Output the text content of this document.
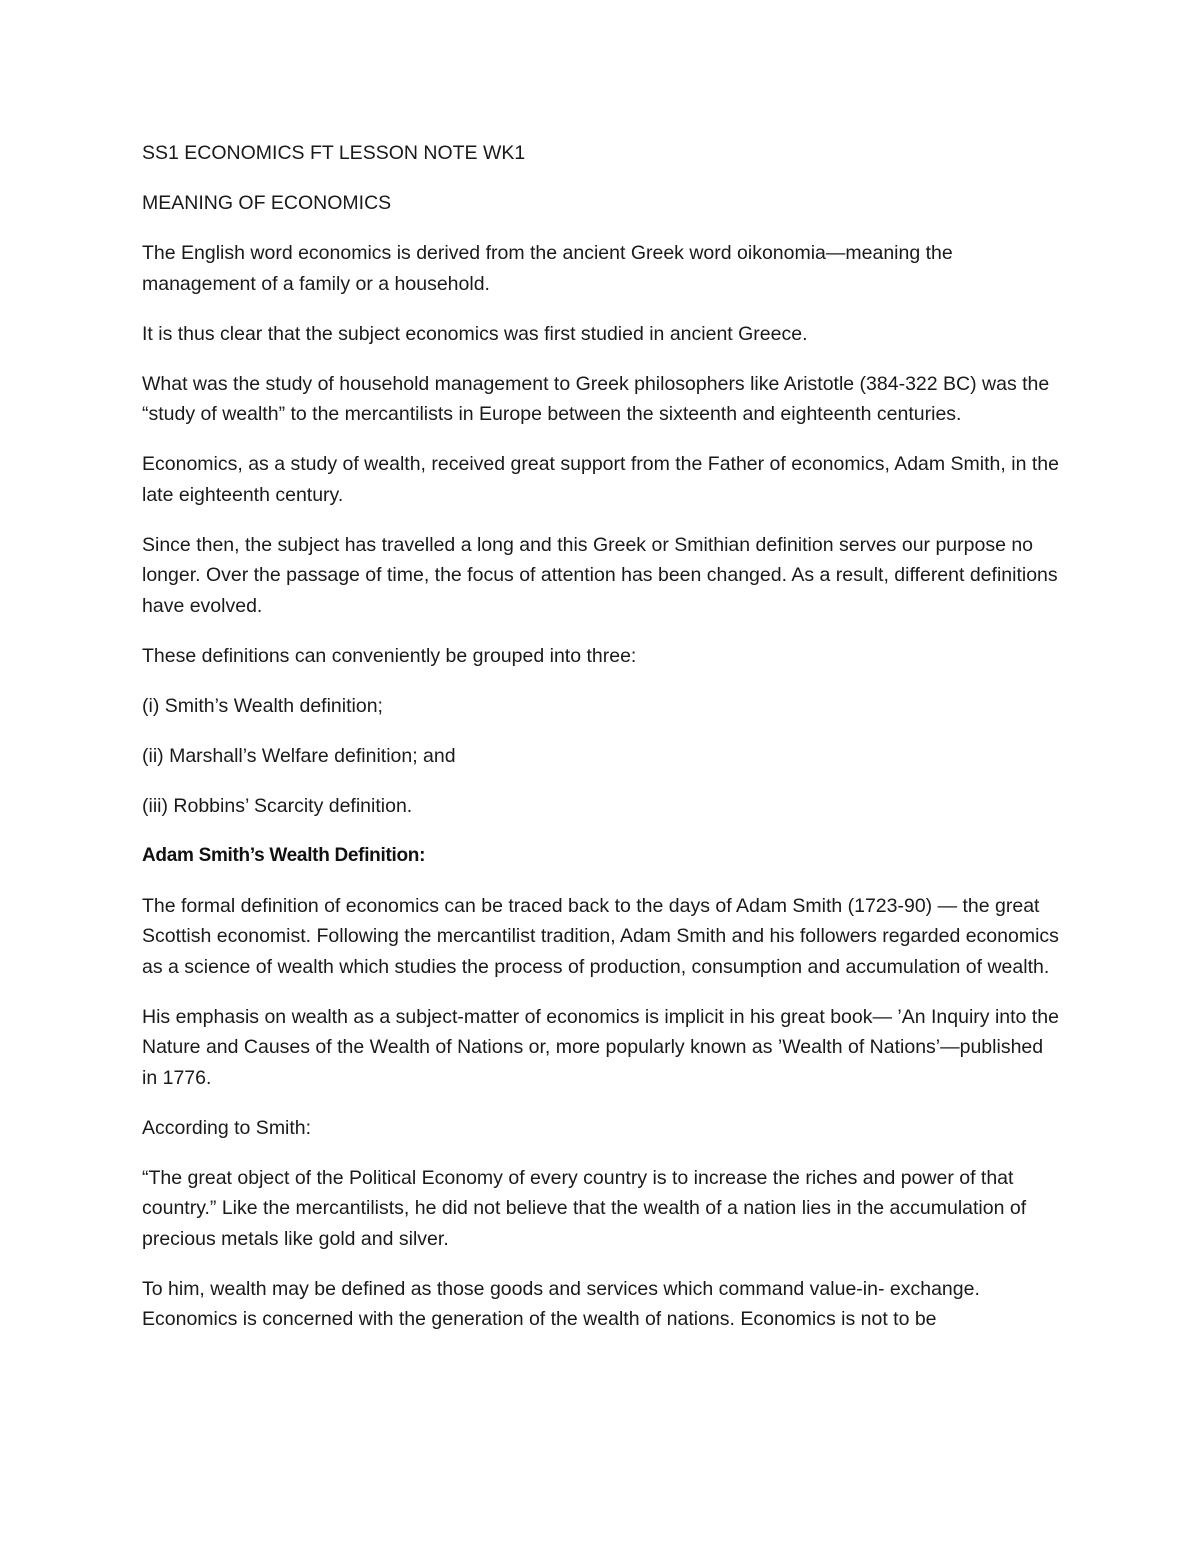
SS1 ECONOMICS FT LESSON NOTE WK1

MEANING OF ECONOMICS

The English word economics is derived from the ancient Greek word oikonomia—meaning the management of a family or a household.

It is thus clear that the subject economics was first studied in ancient Greece.

What was the study of household management to Greek philosophers like Aristotle (384-322 BC) was the “study of wealth” to the mercantilists in Europe between the sixteenth and eighteenth centuries.

Economics, as a study of wealth, received great support from the Father of economics, Adam Smith, in the late eighteenth century.

Since then, the subject has travelled a long and this Greek or Smithian definition serves our purpose no longer. Over the passage of time, the focus of attention has been changed. As a result, different definitions have evolved.

These definitions can conveniently be grouped into three:

(i) Smith’s Wealth definition;

(ii) Marshall’s Welfare definition; and

(iii) Robbins’ Scarcity definition.

Adam Smith’s Wealth Definition:

The formal definition of economics can be traced back to the days of Adam Smith (1723-90) — the great Scottish economist. Following the mercantilist tradition, Adam Smith and his followers regarded economics as a science of wealth which studies the process of production, consumption and accumulation of wealth.

His emphasis on wealth as a subject-matter of economics is implicit in his great book— ’An Inquiry into the Nature and Causes of the Wealth of Nations or, more popularly known as ’Wealth of Nations’—published in 1776.

According to Smith:

“The great object of the Political Economy of every country is to increase the riches and power of that country.” Like the mercantilists, he did not believe that the wealth of a nation lies in the accumulation of precious metals like gold and silver.

To him, wealth may be defined as those goods and services which command value-in- exchange. Economics is concerned with the generation of the wealth of nations. Economics is not to be
